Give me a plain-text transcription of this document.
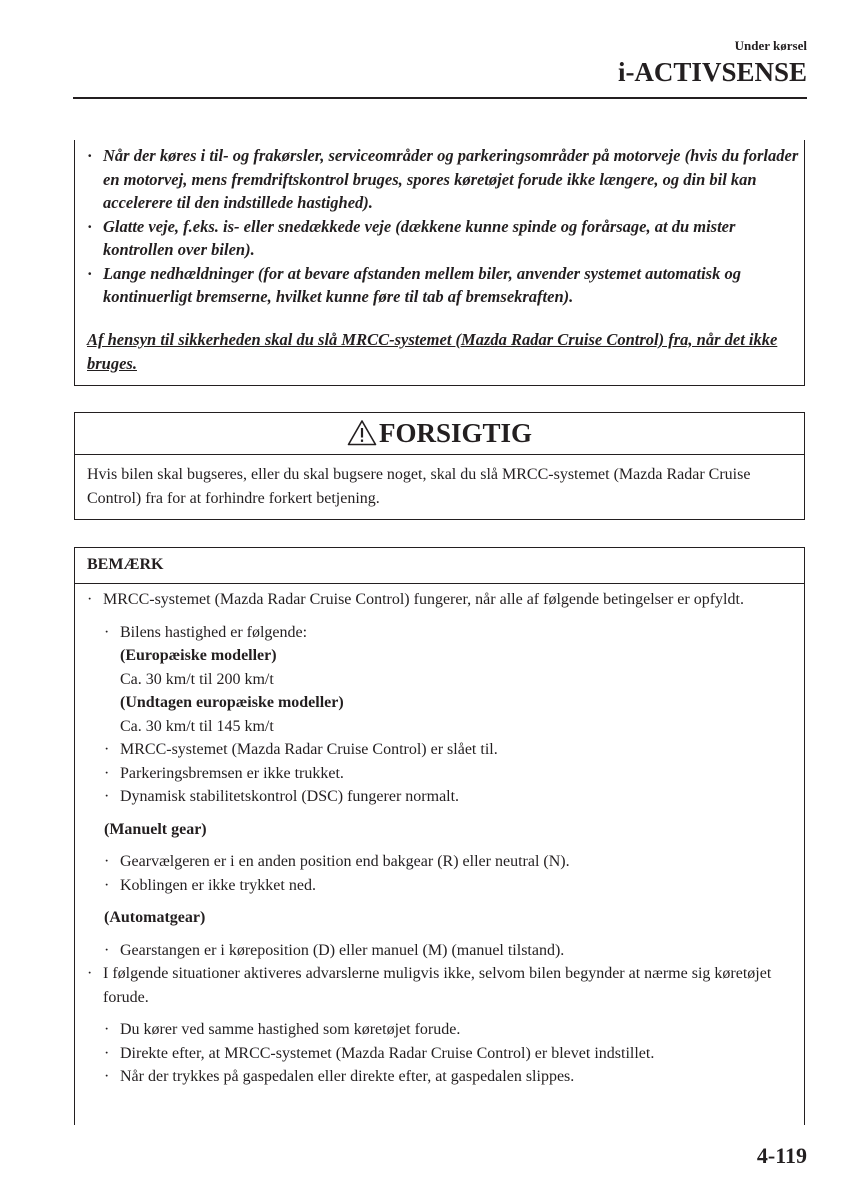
Under kørsel
i-ACTIVSENSE
· Når der køres i til- og frakørsler, serviceområder og parkeringsområder på motorveje (hvis du forlader en motorvej, mens fremdriftskontrol bruges, spores køretøjet forude ikke længere, og din bil kan accelerere til den indstillede hastighed).
· Glatte veje, f.eks. is- eller snedækkede veje (dækkene kunne spinde og forårsage, at du mister kontrollen over bilen).
· Lange nedhældninger (for at bevare afstanden mellem biler, anvender systemet automatisk og kontinuerligt bremserne, hvilket kunne føre til tab af bremsekraften).
Af hensyn til sikkerheden skal du slå MRCC-systemet (Mazda Radar Cruise Control) fra, når det ikke bruges.
FORSIGTIG
Hvis bilen skal bugseres, eller du skal bugsere noget, skal du slå MRCC-systemet (Mazda Radar Cruise Control) fra for at forhindre forkert betjening.
BEMÆRK
· MRCC-systemet (Mazda Radar Cruise Control) fungerer, når alle af følgende betingelser er opfyldt.
· Bilens hastighed er følgende:
(Europæiske modeller)
Ca. 30 km/t til 200 km/t
(Undtagen europæiske modeller)
Ca. 30 km/t til 145 km/t
· MRCC-systemet (Mazda Radar Cruise Control) er slået til.
· Parkeringsbremsen er ikke trukket.
· Dynamisk stabilitetskontrol (DSC) fungerer normalt.
(Manuelt gear)
· Gearvælgeren er i en anden position end bakgear (R) eller neutral (N).
· Koblingen er ikke trykket ned.
(Automatgear)
· Gearstangen er i køreposition (D) eller manuel (M) (manuel tilstand).
· I følgende situationer aktiveres advarslerne muligvis ikke, selvom bilen begynder at nærme sig køretøjet forude.
· Du kører ved samme hastighed som køretøjet forude.
· Direkte efter, at MRCC-systemet (Mazda Radar Cruise Control) er blevet indstillet.
· Når der trykkes på gaspedalen eller direkte efter, at gaspedalen slippes.
4-119
